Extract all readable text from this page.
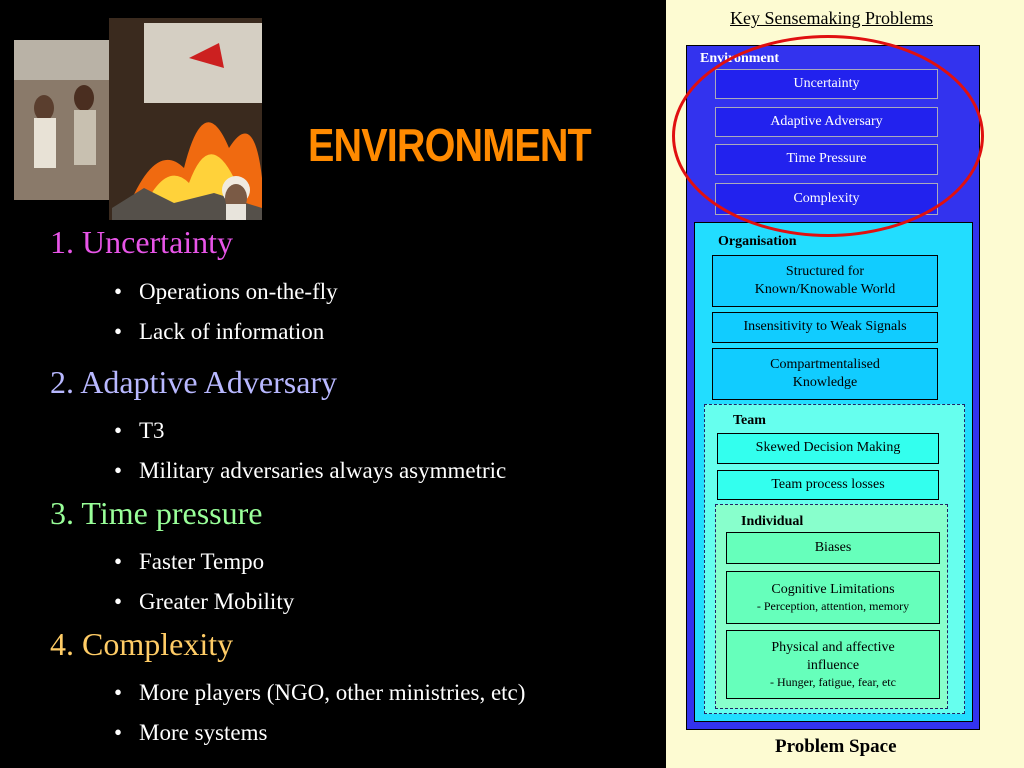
ENVIRONMENT
1. Uncertainty
Operations on-the-fly
Lack of information
2. Adaptive Adversary
T3
Military adversaries always asymmetric
3. Time pressure
Faster Tempo
Greater Mobility
4. Complexity
More players (NGO, other ministries, etc)
More systems
Key Sensemaking Problems
Environment
Uncertainty
Adaptive Adversary
Time Pressure
Complexity
Organisation
Structured for Known/Knowable World
Insensitivity to Weak Signals
Compartmentalised Knowledge
Team
Skewed Decision Making
Team process losses
Individual
Biases
Cognitive Limitations
- Perception, attention, memory
Physical and affective influence
- Hunger, fatigue, fear, etc
Problem Space
